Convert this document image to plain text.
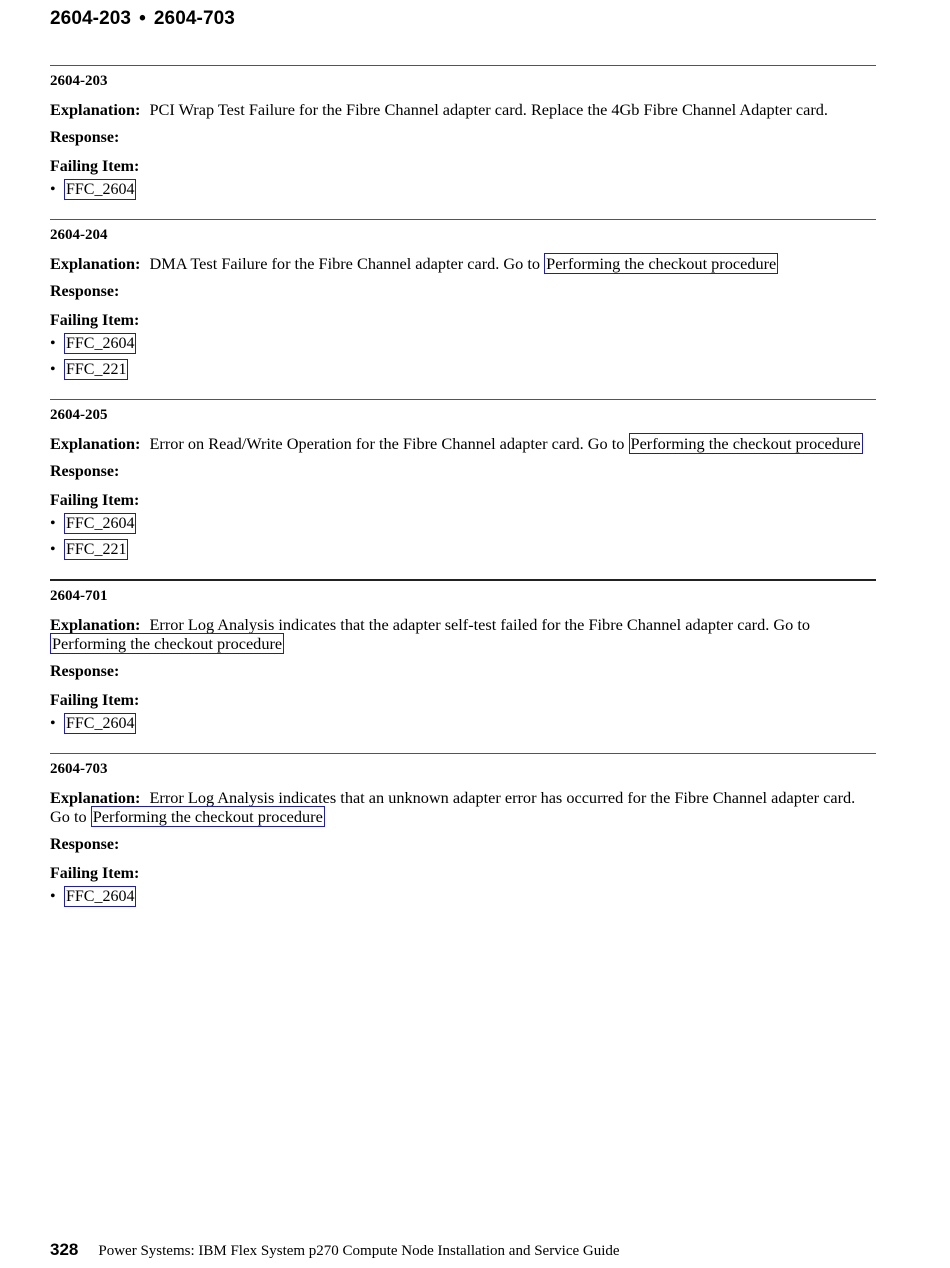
2604-203 • 2604-703
2604-203
Explanation: PCI Wrap Test Failure for the Fibre Channel adapter card. Replace the 4Gb Fibre Channel Adapter card.
Response:
Failing Item:
• FFC_2604
2604-204
Explanation: DMA Test Failure for the Fibre Channel adapter card. Go to Performing the checkout procedure
Response:
Failing Item:
• FFC_2604
• FFC_221
2604-205
Explanation: Error on Read/Write Operation for the Fibre Channel adapter card. Go to Performing the checkout procedure
Response:
Failing Item:
• FFC_2604
• FFC_221
2604-701
Explanation: Error Log Analysis indicates that the adapter self-test failed for the Fibre Channel adapter card. Go to Performing the checkout procedure
Response:
Failing Item:
• FFC_2604
2604-703
Explanation: Error Log Analysis indicates that an unknown adapter error has occurred for the Fibre Channel adapter card. Go to Performing the checkout procedure
Response:
Failing Item:
• FFC_2604
328 Power Systems: IBM Flex System p270 Compute Node Installation and Service Guide
